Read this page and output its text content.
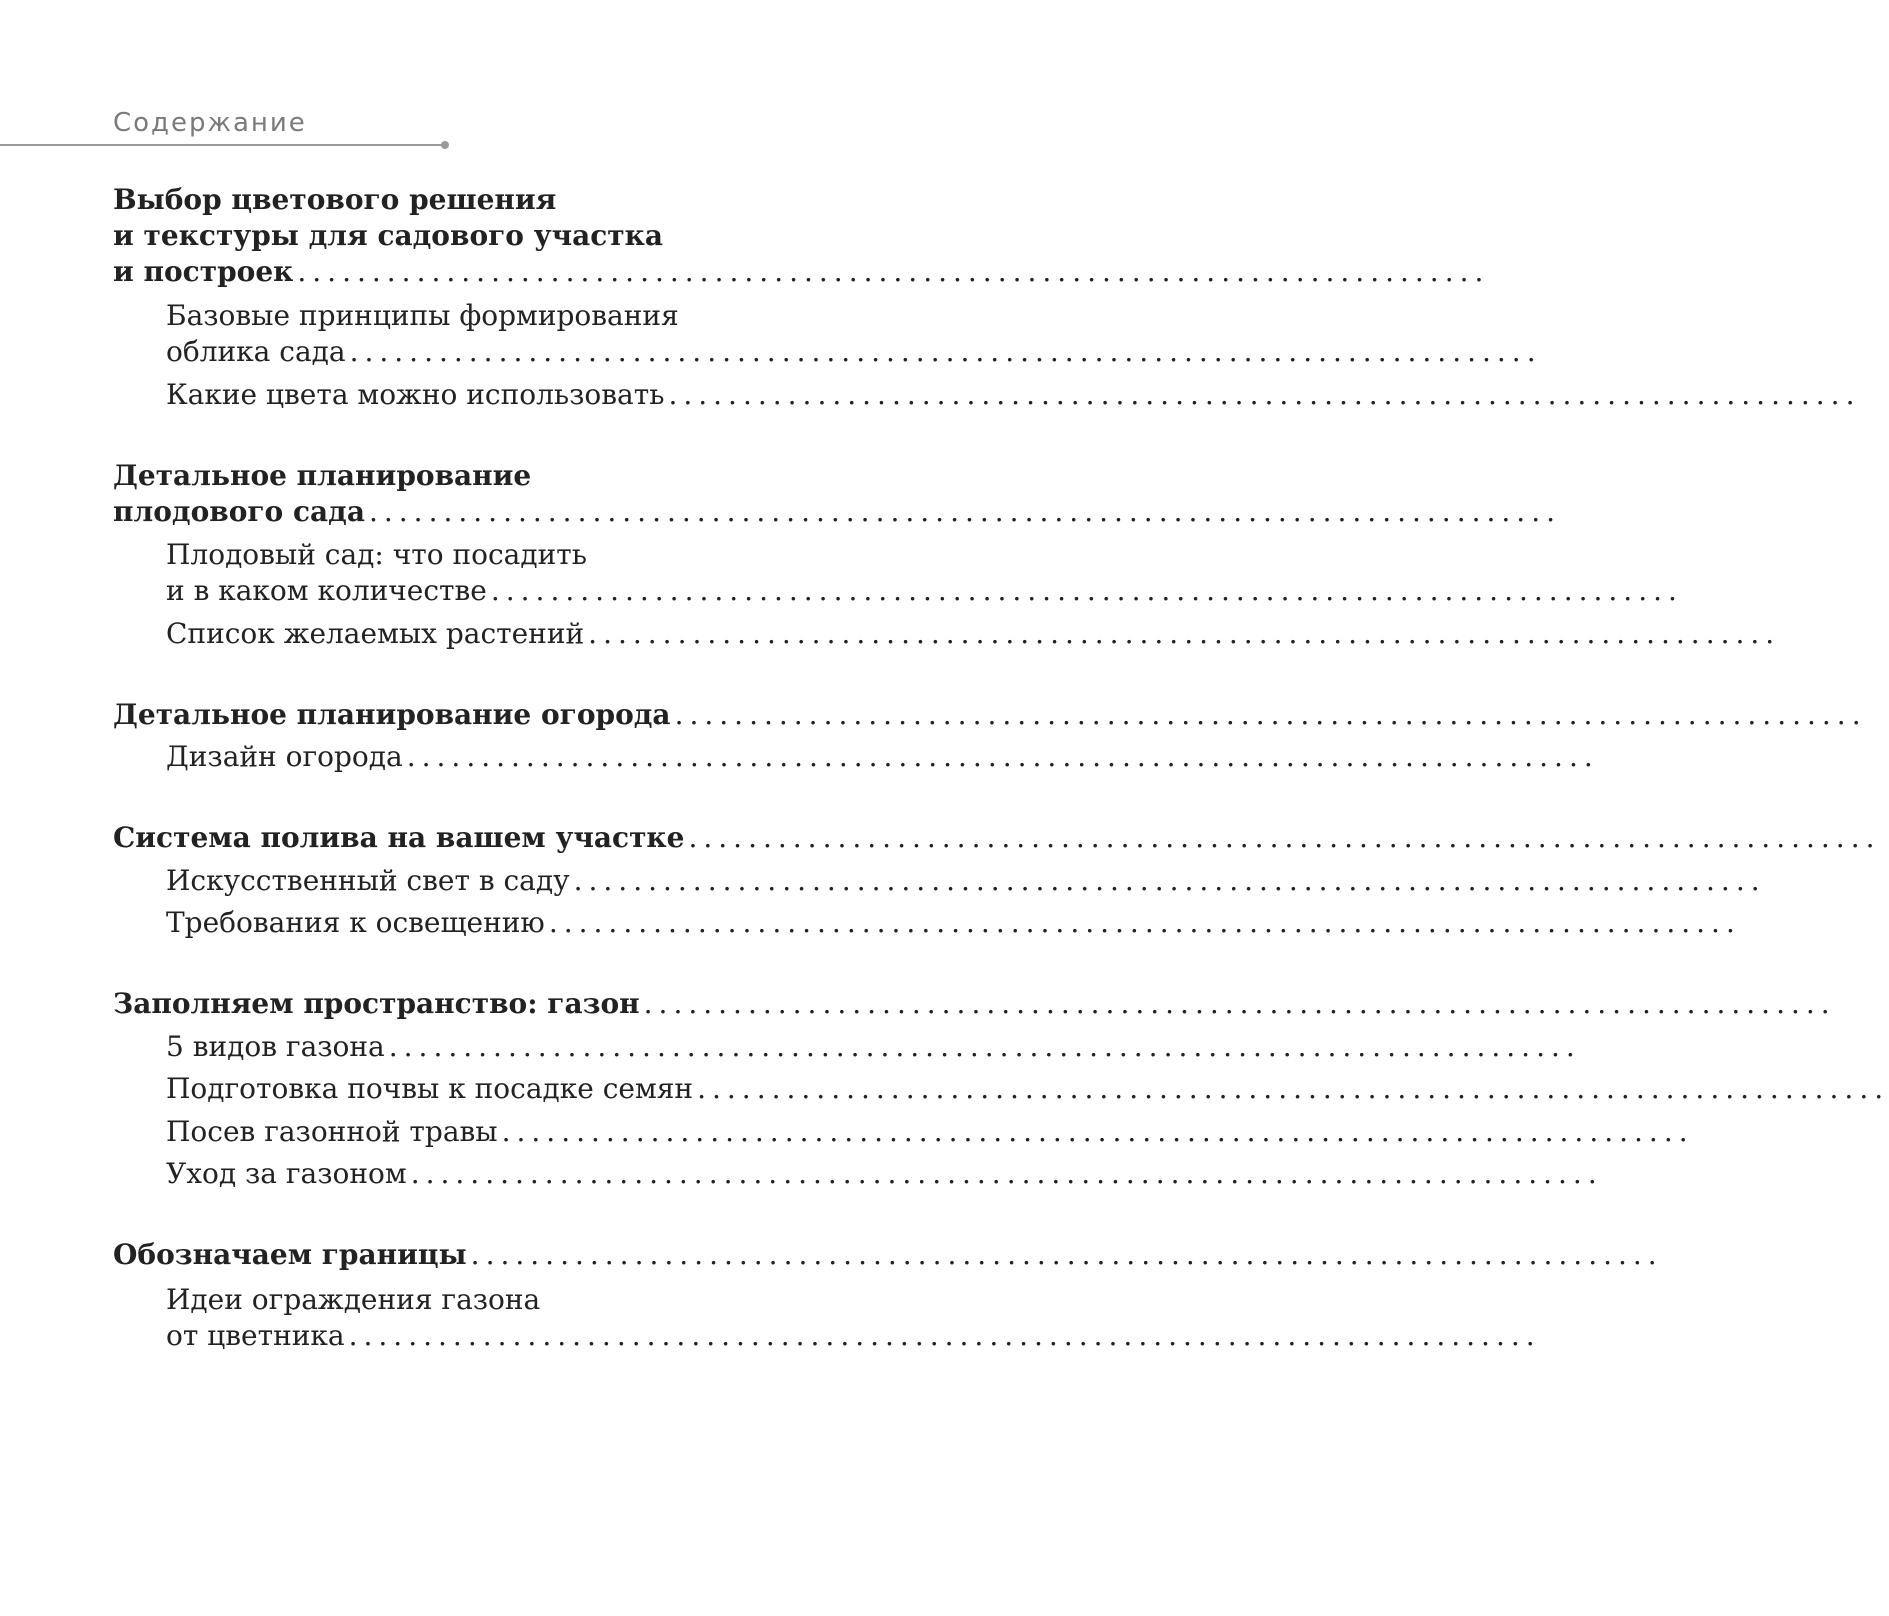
Содержание
Выбор цветового решения
и текстуры для садового участка
и построек ................................................................................
Базовые принципы формирования
облика сада ................................................................................
Какие цвета можно использовать ................................................................................
Детальное планирование
плодового сада ................................................................................
Плодовый сад: что посадить
и в каком количестве ................................................................................
Список желаемых растений ................................................................................
Детальное планирование огорода ................................................................................
Дизайн огорода ................................................................................
Система полива на вашем участке ................................................................................
Искусственный свет в саду ................................................................................
Требования к освещению ................................................................................
Заполняем пространство: газон ................................................................................
5 видов газона ................................................................................
Подготовка почвы к посадке семян ................................................................................
Посев газонной травы ................................................................................
Уход за газоном ................................................................................
Обозначаем границы ................................................................................
Идеи ограждения газона
от цветника ................................................................................
